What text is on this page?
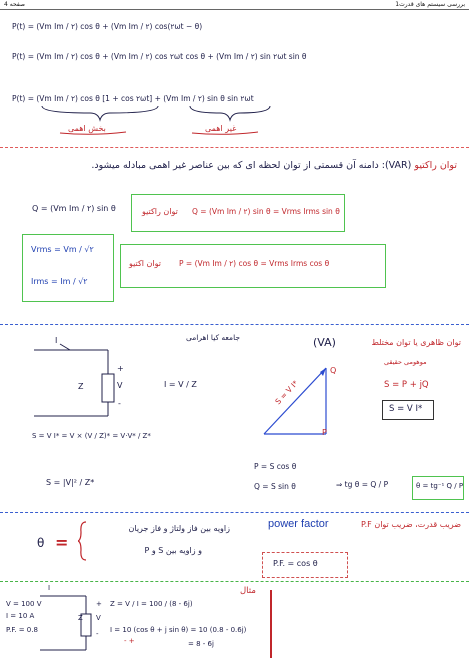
صفحه 4	بررسی سیستم های قدرت1
P(t) = (Vm Im / ٢) cos θ + (Vm Im / ٢) cos(٢ωt − θ)
P(t) = (Vm Im / ٢) cos θ + (Vm Im / ٢) cos ٢ωt cos θ + (Vm Im / ٢) sin ٢ωt sin θ
P(t) = (Vm Im / ٢) cos θ [1 + cos ٢ωt] + (Vm Im / ٢) sin θ sin ٢ωt
بخش اهمی	غیر اهمی
توان راکتیو (VAR): دامنه آن قسمتی از توان لحظه ای که بین عناصر غیر اهمی مبادله میشود.
Q = (Vm Im / ٢) sin θ	توان راکتیو Q = (Vm Im / ٢) sin θ = Vrms Irms sin θ
Vrms = Vm / √٢
Irms = Im / √٢
توان اکتیو P = (Vm Im / ٢) cos θ = Vrms Irms cos θ
توان ظاهری یا توان مختلط
(VA)
جامعه کیا اهرامی
I
Z
+
V
-
I = V / Z
S = V I* = V × (V / Z)* = V·V* / Z*
S = |V|² / Z*
S = V I*
Q
P
موهومی حقیقی
S = P + jQ
S = V I*
P = S cos θ
Q = S sin θ	⇒ tg θ = Q / P	θ = tg⁻¹ Q / P
ضریب قدرت، ضریب توان P.F
power factor
θ =
زاویه بین فاز ولتاژ و فاز جریان
و زاویه بین S و P
P.F. = cos θ
مثال
V = 100 V
I = 10 A
P.F. = 0.8
I
Z
+
V
-
Z = V / I = 100 / (8 - 6j)
I = 10 (cos θ + j sin θ) = 10 (0.8 - 0.6j)
- +	= 8 - 6j
